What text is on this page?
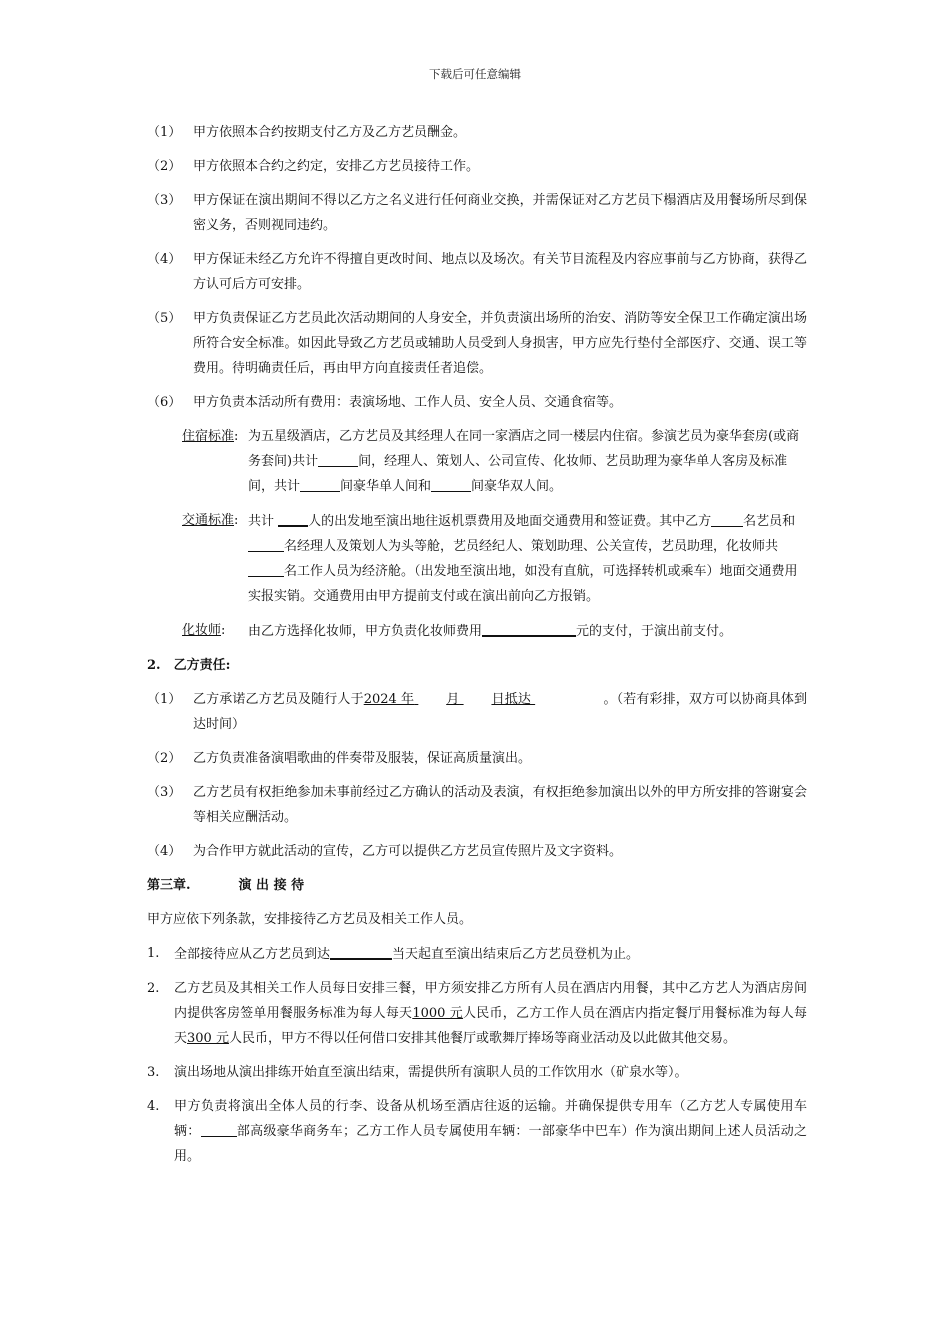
下载后可任意编辑
（1） 甲方依照本合约按期支付乙方及乙方艺员酬金。
（2） 甲方依照本合约之约定，安排乙方艺员接待工作。
（3） 甲方保证在演出期间不得以乙方之名义进行任何商业交换，并需保证对乙方艺员下榻酒店及用餐场所尽到保密义务，否则视同违约。
（4） 甲方保证未经乙方允许不得擅自更改时间、地点以及场次。有关节目流程及内容应事前与乙方协商，获得乙方认可后方可安排。
（5） 甲方负责保证乙方艺员此次活动期间的人身安全，并负责演出场所的治安、消防等安全保卫工作确定演出场所符合安全标准。如因此导致乙方艺员或辅助人员受到人身损害，甲方应先行垫付全部医疗、交通、误工等费用。待明确责任后，再由甲方向直接责任者追偿。
（6） 甲方负责本活动所有费用：表演场地、工作人员、安全人员、交通食宿等。
住宿标准: 为五星级酒店，乙方艺员及其经理人在同一家酒店之同一楼层内住宿。参演艺员为豪华套房(或商务套间)共计	间，经理人、策划人、公司宣传、化妆师、艺员助理为豪华单人客房及标准间，共计	间豪华单人间和	间豪华双人间。
交通标准: 共计 人的出发地至演出地往返机票费用及地面交通费用和签证费。其中乙方 名艺员和名经理人及策划人为头等舱，艺员经纪人、策划助理、公关宣传，艺员助理，化妆师共名工作人员为经济舱。（出发地至演出地，如没有直航，可选择转机或乘车）地面交通费用实报实销。交通费用由甲方提前支付或在演出前向乙方报销。
化妆师:	由乙方选择化妆师，甲方负责化妆师费用	元的支付，于演出前支付。
2.　乙方责任:
（1） 乙方承诺乙方艺员及随行人于2024 年 月 日抵达	。（若有彩排，双方可以协商具体到达时间）
（2） 乙方负责准备演唱歌曲的伴奏带及服装，保证高质量演出。
（3） 乙方艺员有权拒绝参加未事前经过乙方确认的活动及表演，有权拒绝参加演出以外的甲方所安排的答谢宴会等相关应酬活动。
（4） 为合作甲方就此活动的宣传，乙方可以提供乙方艺员宣传照片及文字资料。
第三章.	演 出 接 待
甲方应依下列条款，安排接待乙方艺员及相关工作人员。
1.	全部接待应从乙方艺员到达	当天起直至演出结束后乙方艺员登机为止。
2.	乙方艺员及其相关工作人员每日安排三餐，甲方须安排乙方所有人员在酒店内用餐，其中乙方艺人为酒店房间内提供客房签单用餐服务标准为每人每天1000 元人民币，乙方工作人员在酒店内指定餐厅用餐标准为每人每天300 元人民币，甲方不得以任何借口安排其他餐厅或歌舞厅捧场等商业活动及以此做其他交易。
3.	演出场地从演出排练开始直至演出结束，需提供所有演职人员的工作饮用水（矿泉水等）。
4.	甲方负责将演出全体人员的行李、设备从机场至酒店往返的运输。并确保提供专用车（乙方艺人专属使用车辆：	部高级豪华商务车；乙方工作人员专属使用车辆：一部豪华中巴车）作为演出期间上述人员活动之用。
